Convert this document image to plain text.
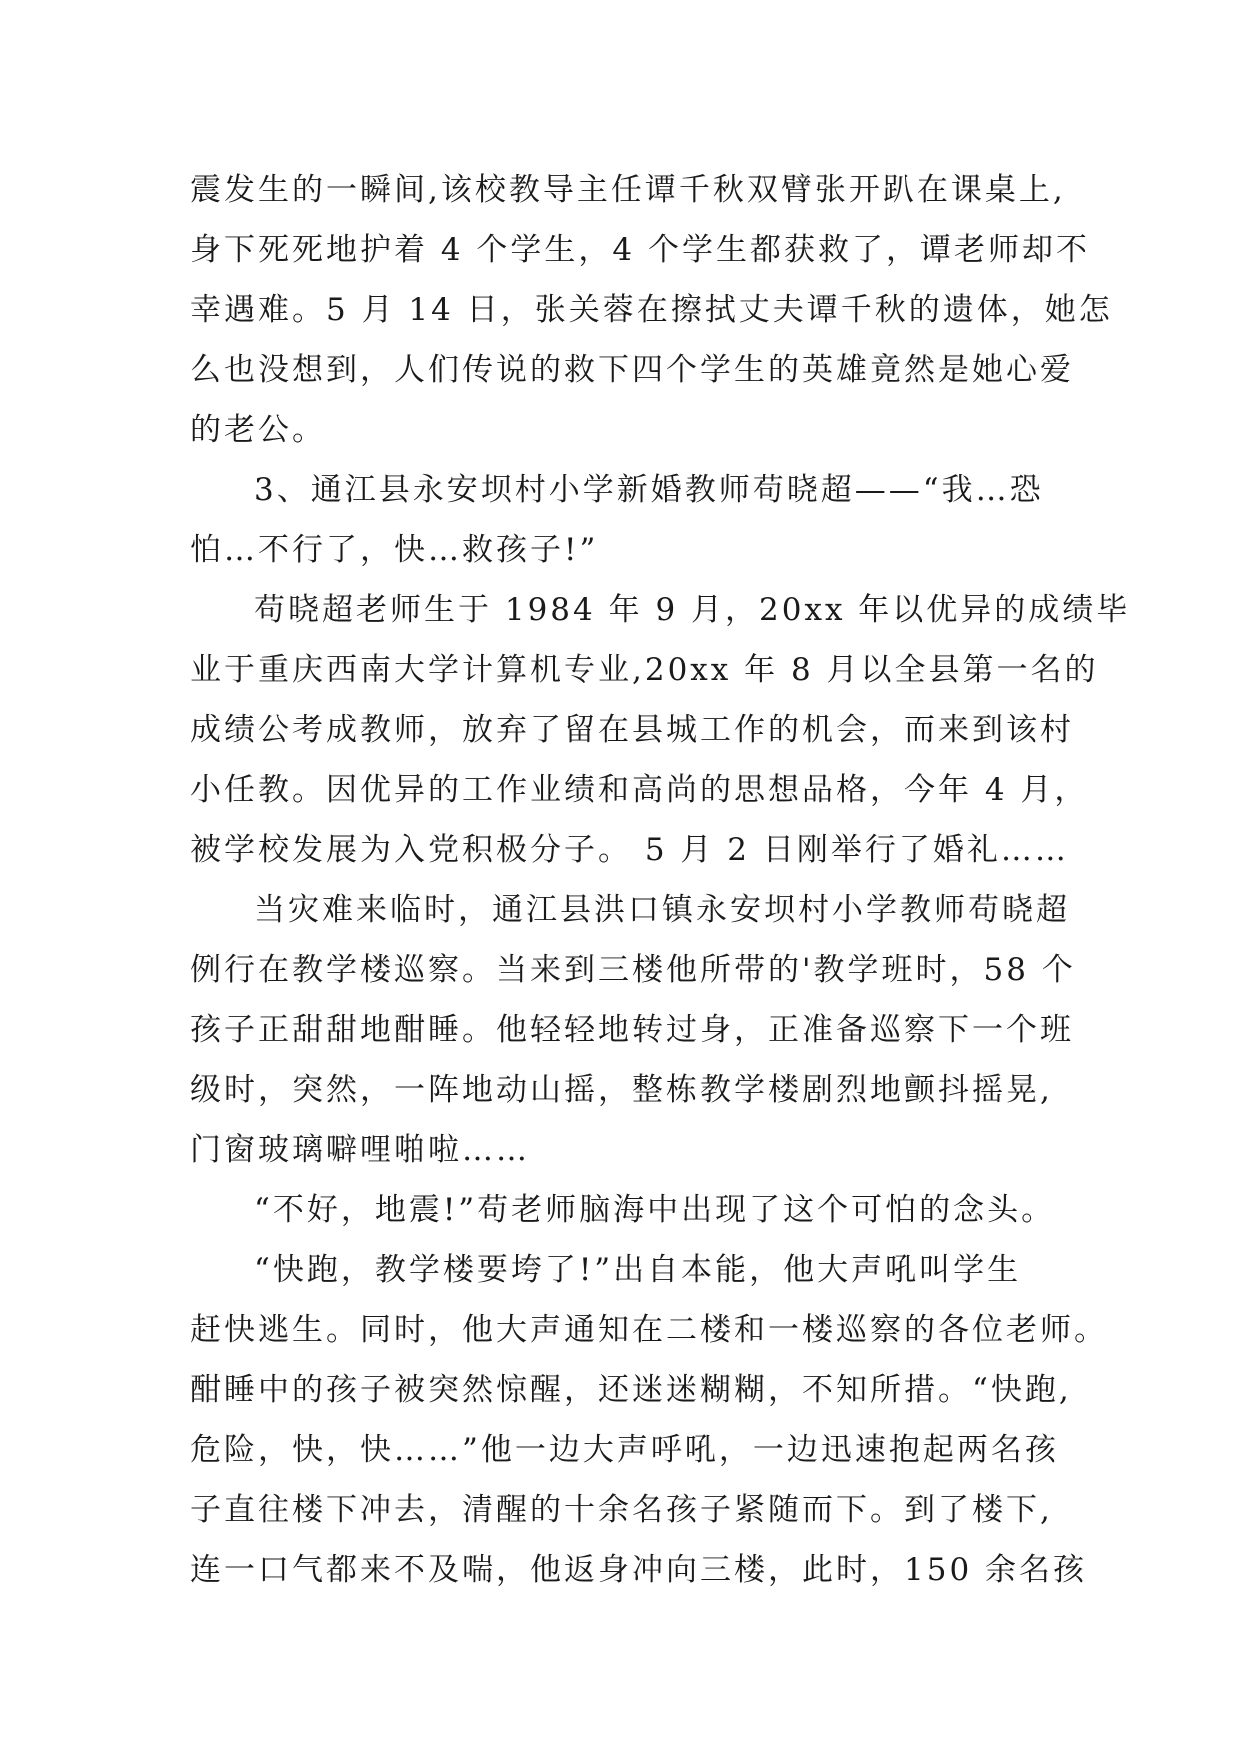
震发生的一瞬间,该校教导主任谭千秋双臂张开趴在课桌上,
身下死死地护着 4 个学生，4 个学生都获救了，谭老师却不
幸遇难。5 月 14 日，张关蓉在擦拭丈夫谭千秋的遗体，她怎
么也没想到，人们传说的救下四个学生的英雄竟然是她心爱
的老公。
3、通江县永安坝村小学新婚教师苟晓超——“我…恐
怕…不行了，快…救孩子!”
苟晓超老师生于 1984 年 9 月，20xx 年以优异的成绩毕
业于重庆西南大学计算机专业,20xx 年 8 月以全县第一名的
成绩公考成教师，放弃了留在县城工作的机会，而来到该村
小任教。因优异的工作业绩和高尚的思想品格，今年 4 月，
被学校发展为入党积极分子。 5 月 2 日刚举行了婚礼……
当灾难来临时，通江县洪口镇永安坝村小学教师苟晓超
例行在教学楼巡察。当来到三楼他所带的'教学班时，58 个
孩子正甜甜地酣睡。他轻轻地转过身，正准备巡察下一个班
级时，突然，一阵地动山摇，整栋教学楼剧烈地颤抖摇晃,
门窗玻璃噼哩啪啦……
“不好，地震!”苟老师脑海中出现了这个可怕的念头。
“快跑，教学楼要垮了!”出自本能，他大声吼叫学生
赶快逃生。同时，他大声通知在二楼和一楼巡察的各位老师。
酣睡中的孩子被突然惊醒，还迷迷糊糊，不知所措。“快跑,
危险，快，快……”他一边大声呼吼，一边迅速抱起两名孩
子直往楼下冲去，清醒的十余名孩子紧随而下。到了楼下,
连一口气都来不及喘，他返身冲向三楼，此时，150 余名孩
